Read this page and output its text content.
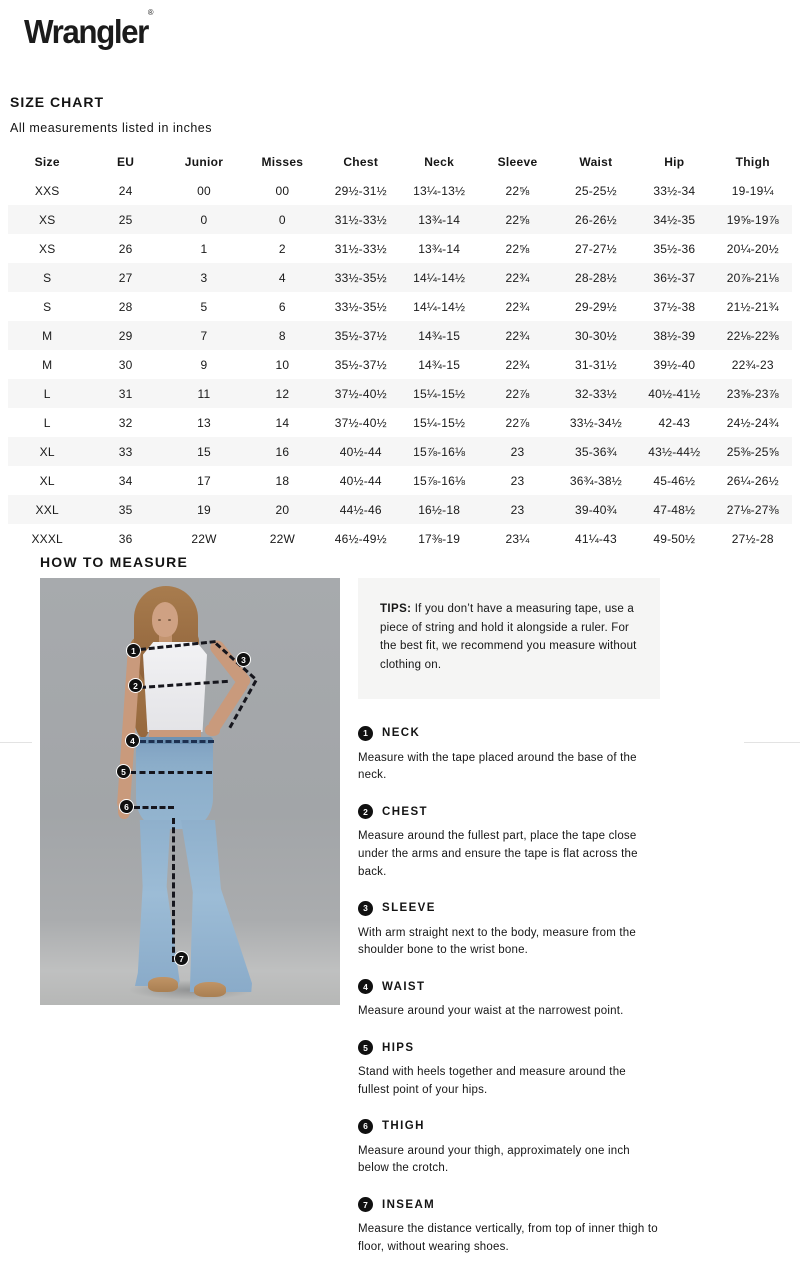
Wrangler®
SIZE CHART
All measurements listed in inches
Size	EU	Junior	Misses	Chest	Neck	Sleeve	Waist	Hip	Thigh
XXS	24	00	00	29½-31½	13¼-13½	22⅝	25-25½	33½-34	19-19¼
XS	25	0	0	31½-33½	13¾-14	22⅝	26-26½	34½-35	19⅝-19⅞
XS	26	1	2	31½-33½	13¾-14	22⅝	27-27½	35½-36	20¼-20½
S	27	3	4	33½-35½	14¼-14½	22¾	28-28½	36½-37	20⅞-21⅛
S	28	5	6	33½-35½	14¼-14½	22¾	29-29½	37½-38	21½-21¾
M	29	7	8	35½-37½	14¾-15	22¾	30-30½	38½-39	22⅛-22⅜
M	30	9	10	35½-37½	14¾-15	22¾	31-31½	39½-40	22¾-23
L	31	11	12	37½-40½	15¼-15½	22⅞	32-33½	40½-41½	23⅝-23⅞
L	32	13	14	37½-40½	15¼-15½	22⅞	33½-34½	42-43	24½-24¾
XL	33	15	16	40½-44	15⅞-16⅛	23	35-36¾	43½-44½	25⅜-25⅝
XL	34	17	18	40½-44	15⅞-16⅛	23	36¾-38½	45-46½	26¼-26½
XXL	35	19	20	44½-46	16½-18	23	39-40¾	47-48½	27⅛-27⅜
XXXL	36	22W	22W	46½-49½	17⅜-19	23¼	41¼-43	49-50½	27½-28
HOW TO MEASURE
1
2
3
4
5
6
7

TIPS: If you don’t have a measuring tape, use a piece of string and hold it alongside a ruler. For the best fit, we recommend you measure without clothing on.

1	NECK

Measure with the tape placed around the base of the neck.

2	CHEST

Measure around the fullest part, place the tape close under the arms and ensure the tape is flat across the back.

3	SLEEVE

With arm straight next to the body, measure from the shoulder bone to the wrist bone.

4	WAIST

Measure around your waist at the narrowest point.

5	HIPS

Stand with heels together and measure around the fullest point of your hips.

6	THIGH

Measure around your thigh, approximately one inch below the crotch.

7	INSEAM

Measure the distance vertically, from top of inner thigh to floor, without wearing shoes.
